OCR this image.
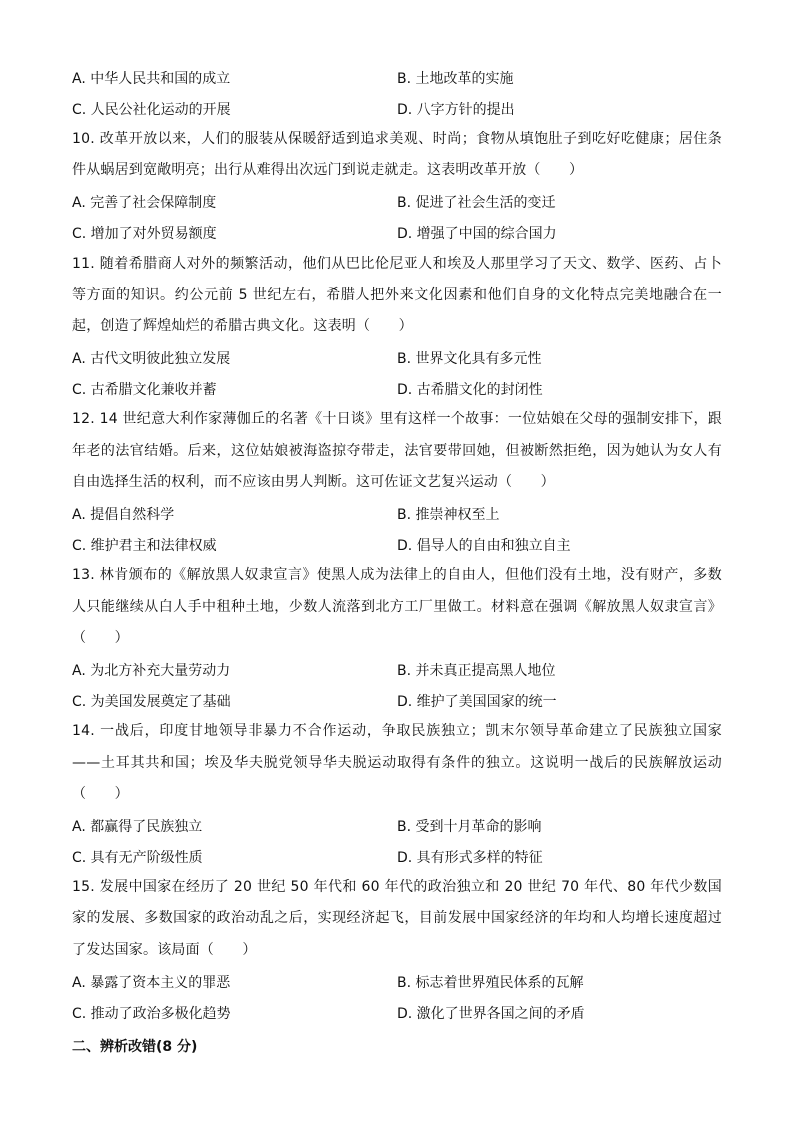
A. 中华人民共和国的成立	B. 土地改革的实施
C. 人民公社化运动的开展	D. 八字方针的提出
10. 改革开放以来，人们的服装从保暖舒适到追求美观、时尚；食物从填饱肚子到吃好吃健康；居住条件从蜗居到宽敞明亮；出行从难得出次远门到说走就走。这表明改革开放（　　）
A. 完善了社会保障制度	B. 促进了社会生活的变迁
C. 增加了对外贸易额度	D. 增强了中国的综合国力
11. 随着希腊商人对外的频繁活动，他们从巴比伦尼亚人和埃及人那里学习了天文、数学、医药、占卜等方面的知识。约公元前 5 世纪左右，希腊人把外来文化因素和他们自身的文化特点完美地融合在一起，创造了辉煌灿烂的希腊古典文化。这表明（　　）
A. 古代文明彼此独立发展	B. 世界文化具有多元性
C. 古希腊文化兼收并蓄	D. 古希腊文化的封闭性
12. 14 世纪意大利作家薄伽丘的名著《十日谈》里有这样一个故事：一位姑娘在父母的强制安排下，跟年老的法官结婚。后来，这位姑娘被海盗掠夺带走，法官要带回她，但被断然拒绝，因为她认为女人有自由选择生活的权利，而不应该由男人判断。这可佐证文艺复兴运动（　　）
A. 提倡自然科学	B. 推崇神权至上
C. 维护君主和法律权威	D. 倡导人的自由和独立自主
13. 林肯颁布的《解放黑人奴隶宣言》使黑人成为法律上的自由人，但他们没有土地，没有财产，多数人只能继续从白人手中租种土地，少数人流落到北方工厂里做工。材料意在强调《解放黑人奴隶宣言》（　　）
A. 为北方补充大量劳动力	B. 并未真正提高黑人地位
C. 为美国发展奠定了基础	D. 维护了美国国家的统一
14. 一战后，印度甘地领导非暴力不合作运动，争取民族独立；凯末尔领导革命建立了民族独立国家——土耳其共和国；埃及华夫脱党领导华夫脱运动取得有条件的独立。这说明一战后的民族解放运动（　　）
A. 都赢得了民族独立	B. 受到十月革命的影响
C. 具有无产阶级性质	D. 具有形式多样的特征
15. 发展中国家在经历了 20 世纪 50 年代和 60 年代的政治独立和 20 世纪 70 年代、80 年代少数国家的发展、多数国家的政治动乱之后，实现经济起飞，目前发展中国家经济的年均和人均增长速度超过了发达国家。该局面（　　）
A. 暴露了资本主义的罪恶	B. 标志着世界殖民体系的瓦解
C. 推动了政治多极化趋势	D. 激化了世界各国之间的矛盾
二、辨析改错(8 分)
